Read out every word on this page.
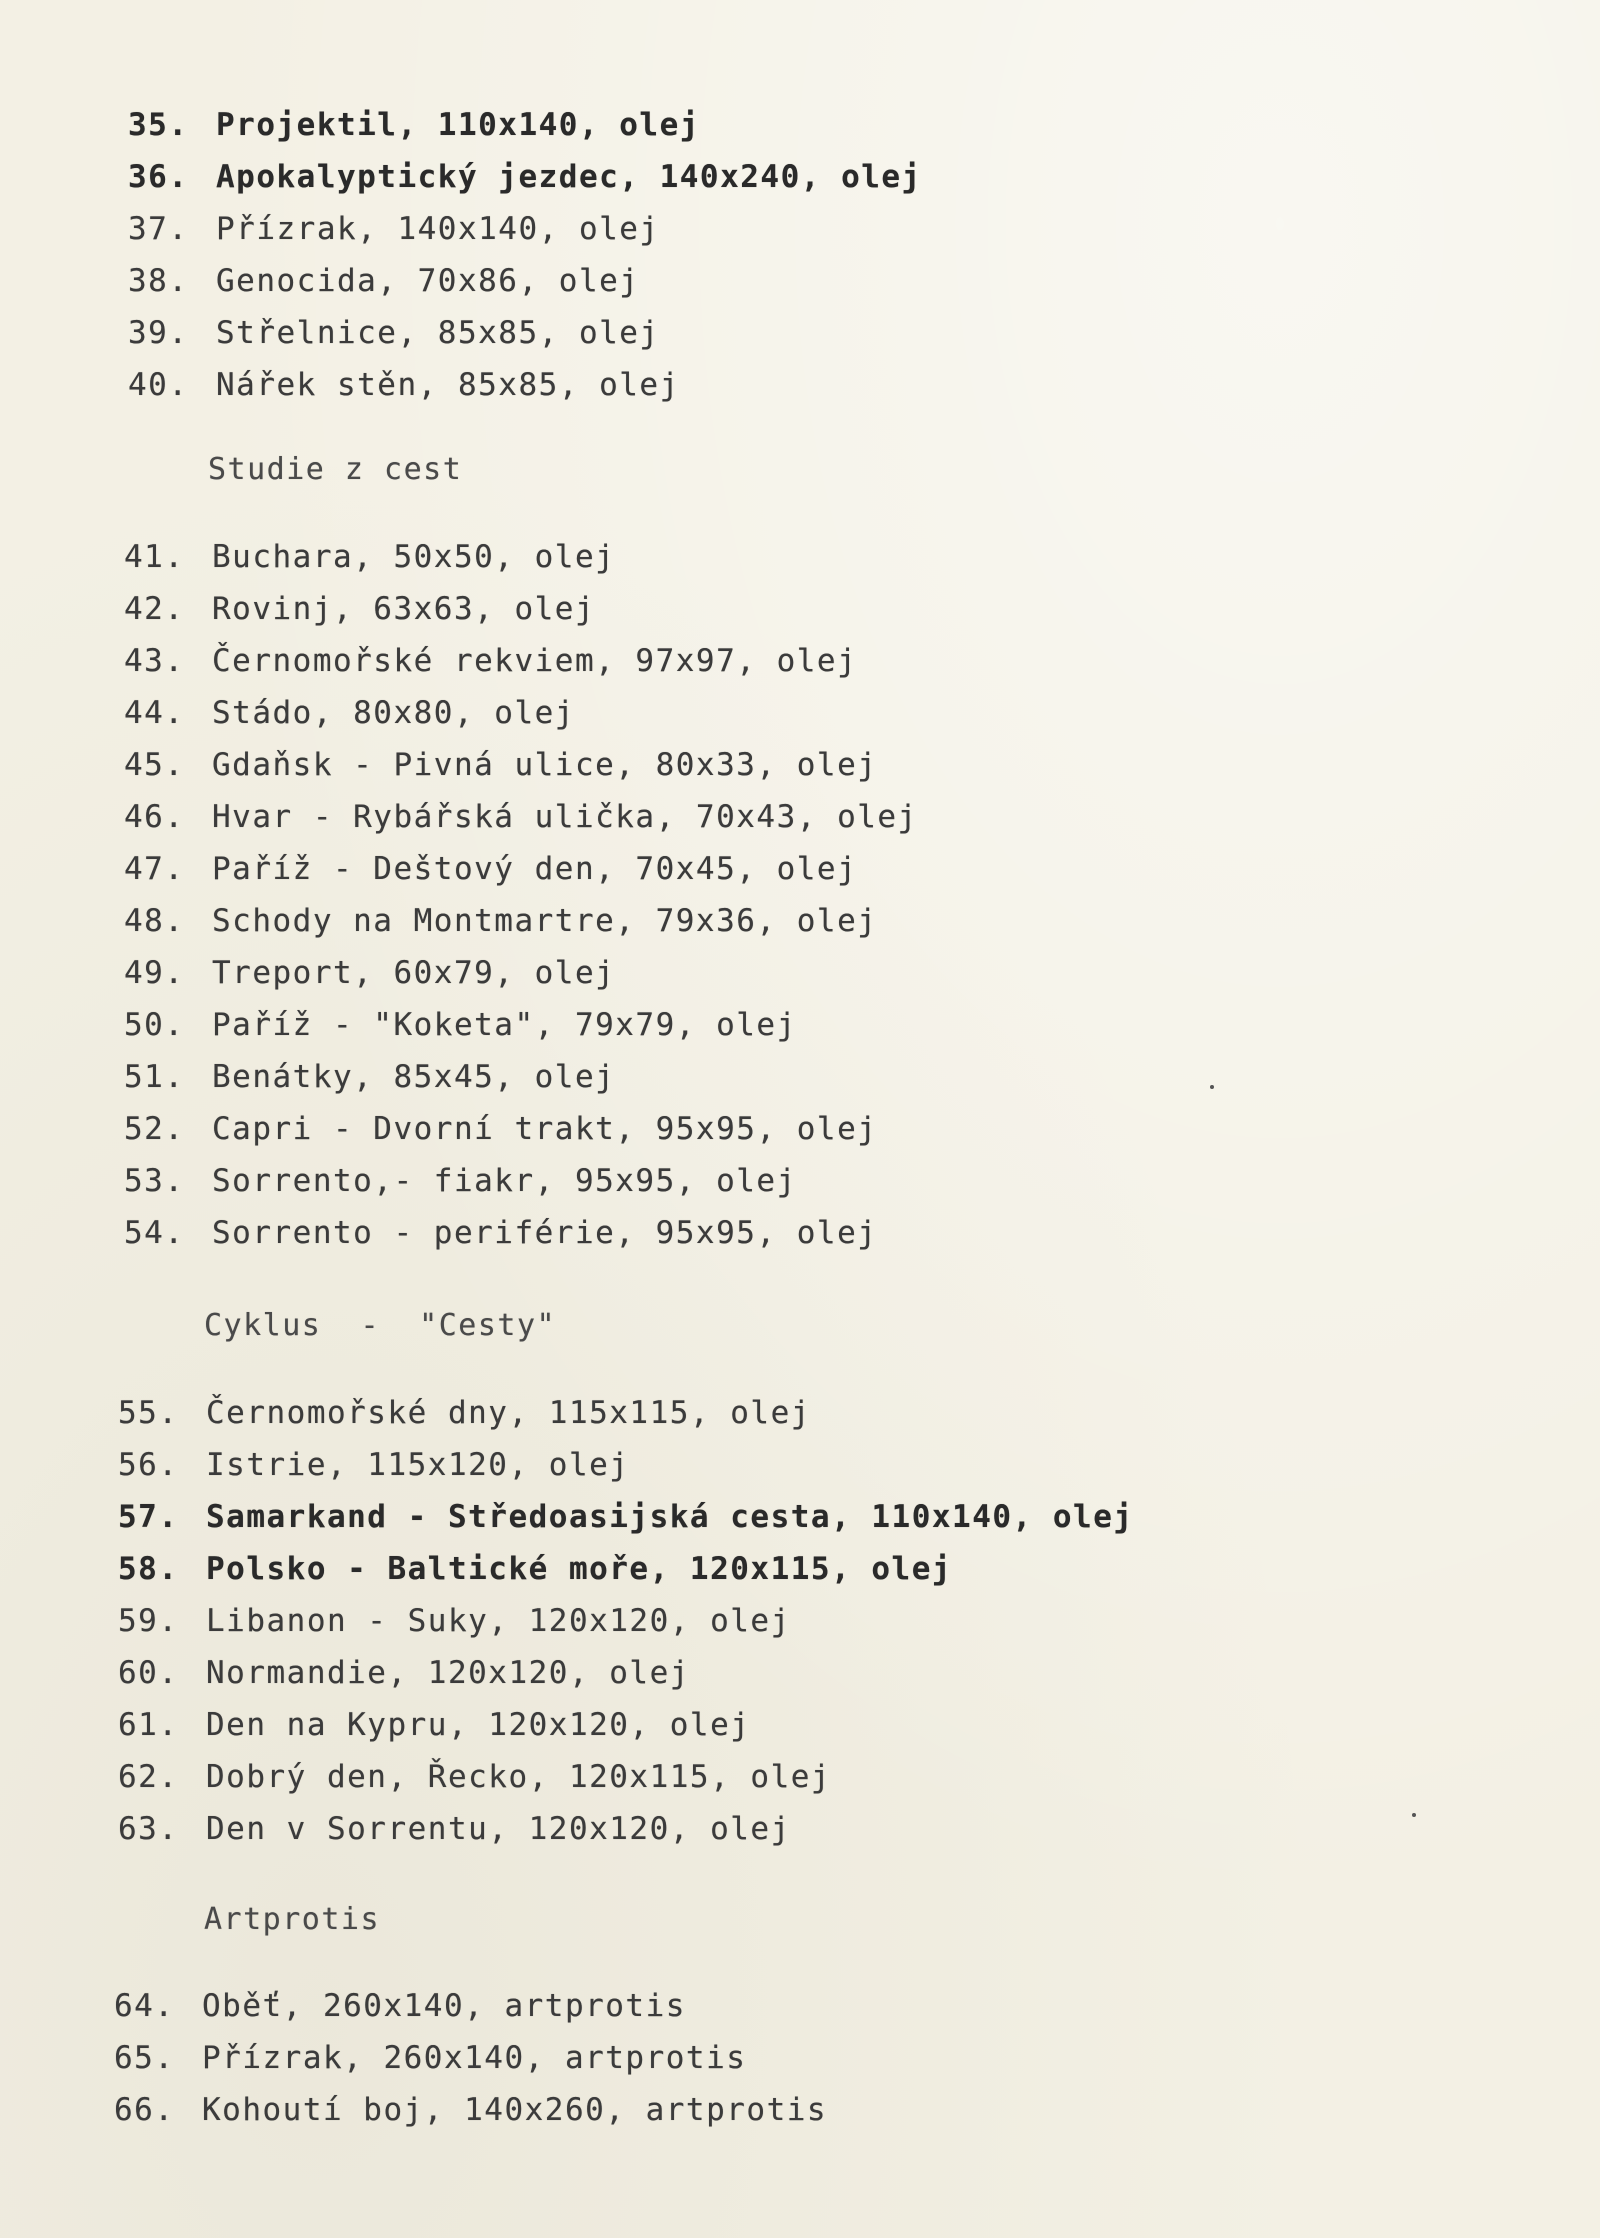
35. Projektil, 110x140, olej
36. Apokalyptický jezdec, 140x240, olej
37. Přízrak, 140x140, olej
38. Genocida, 70x86, olej
39. Střelnice, 85x85, olej
40. Nářek stěn, 85x85, olej
Studie z cest
41. Buchara, 50x50, olej
42. Rovinj, 63x63, olej
43. Černomořské rekviem, 97x97, olej
44. Stádo, 80x80, olej
45. Gdaňsk - Pivná ulice, 80x33, olej
46. Hvar - Rybářská ulička, 70x43, olej
47. Paříž - Deštový den, 70x45, olej
48. Schody na Montmartre, 79x36, olej
49. Treport, 60x79, olej
50. Paříž - "Koketa", 79x79, olej
51. Benátky, 85x45, olej
52. Capri - Dvorní trakt, 95x95, olej
53. Sorrento,- fiakr, 95x95, olej
54. Sorrento - periférie, 95x95, olej
Cyklus  -  "Cesty"
55. Černomořské dny, 115x115, olej
56. Istrie, 115x120, olej
57. Samarkand - Středoasijská cesta, 110x140, olej
58. Polsko - Baltické moře, 120x115, olej
59. Libanon - Suky, 120x120, olej
60. Normandie, 120x120, olej
61. Den na Kypru, 120x120, olej
62. Dobrý den, Řecko, 120x115, olej
63. Den v Sorrentu, 120x120, olej
Artprotis
64. Oběť, 260x140, artprotis
65. Přízrak, 260x140, artprotis
66. Kohoutí boj, 140x260, artprotis
